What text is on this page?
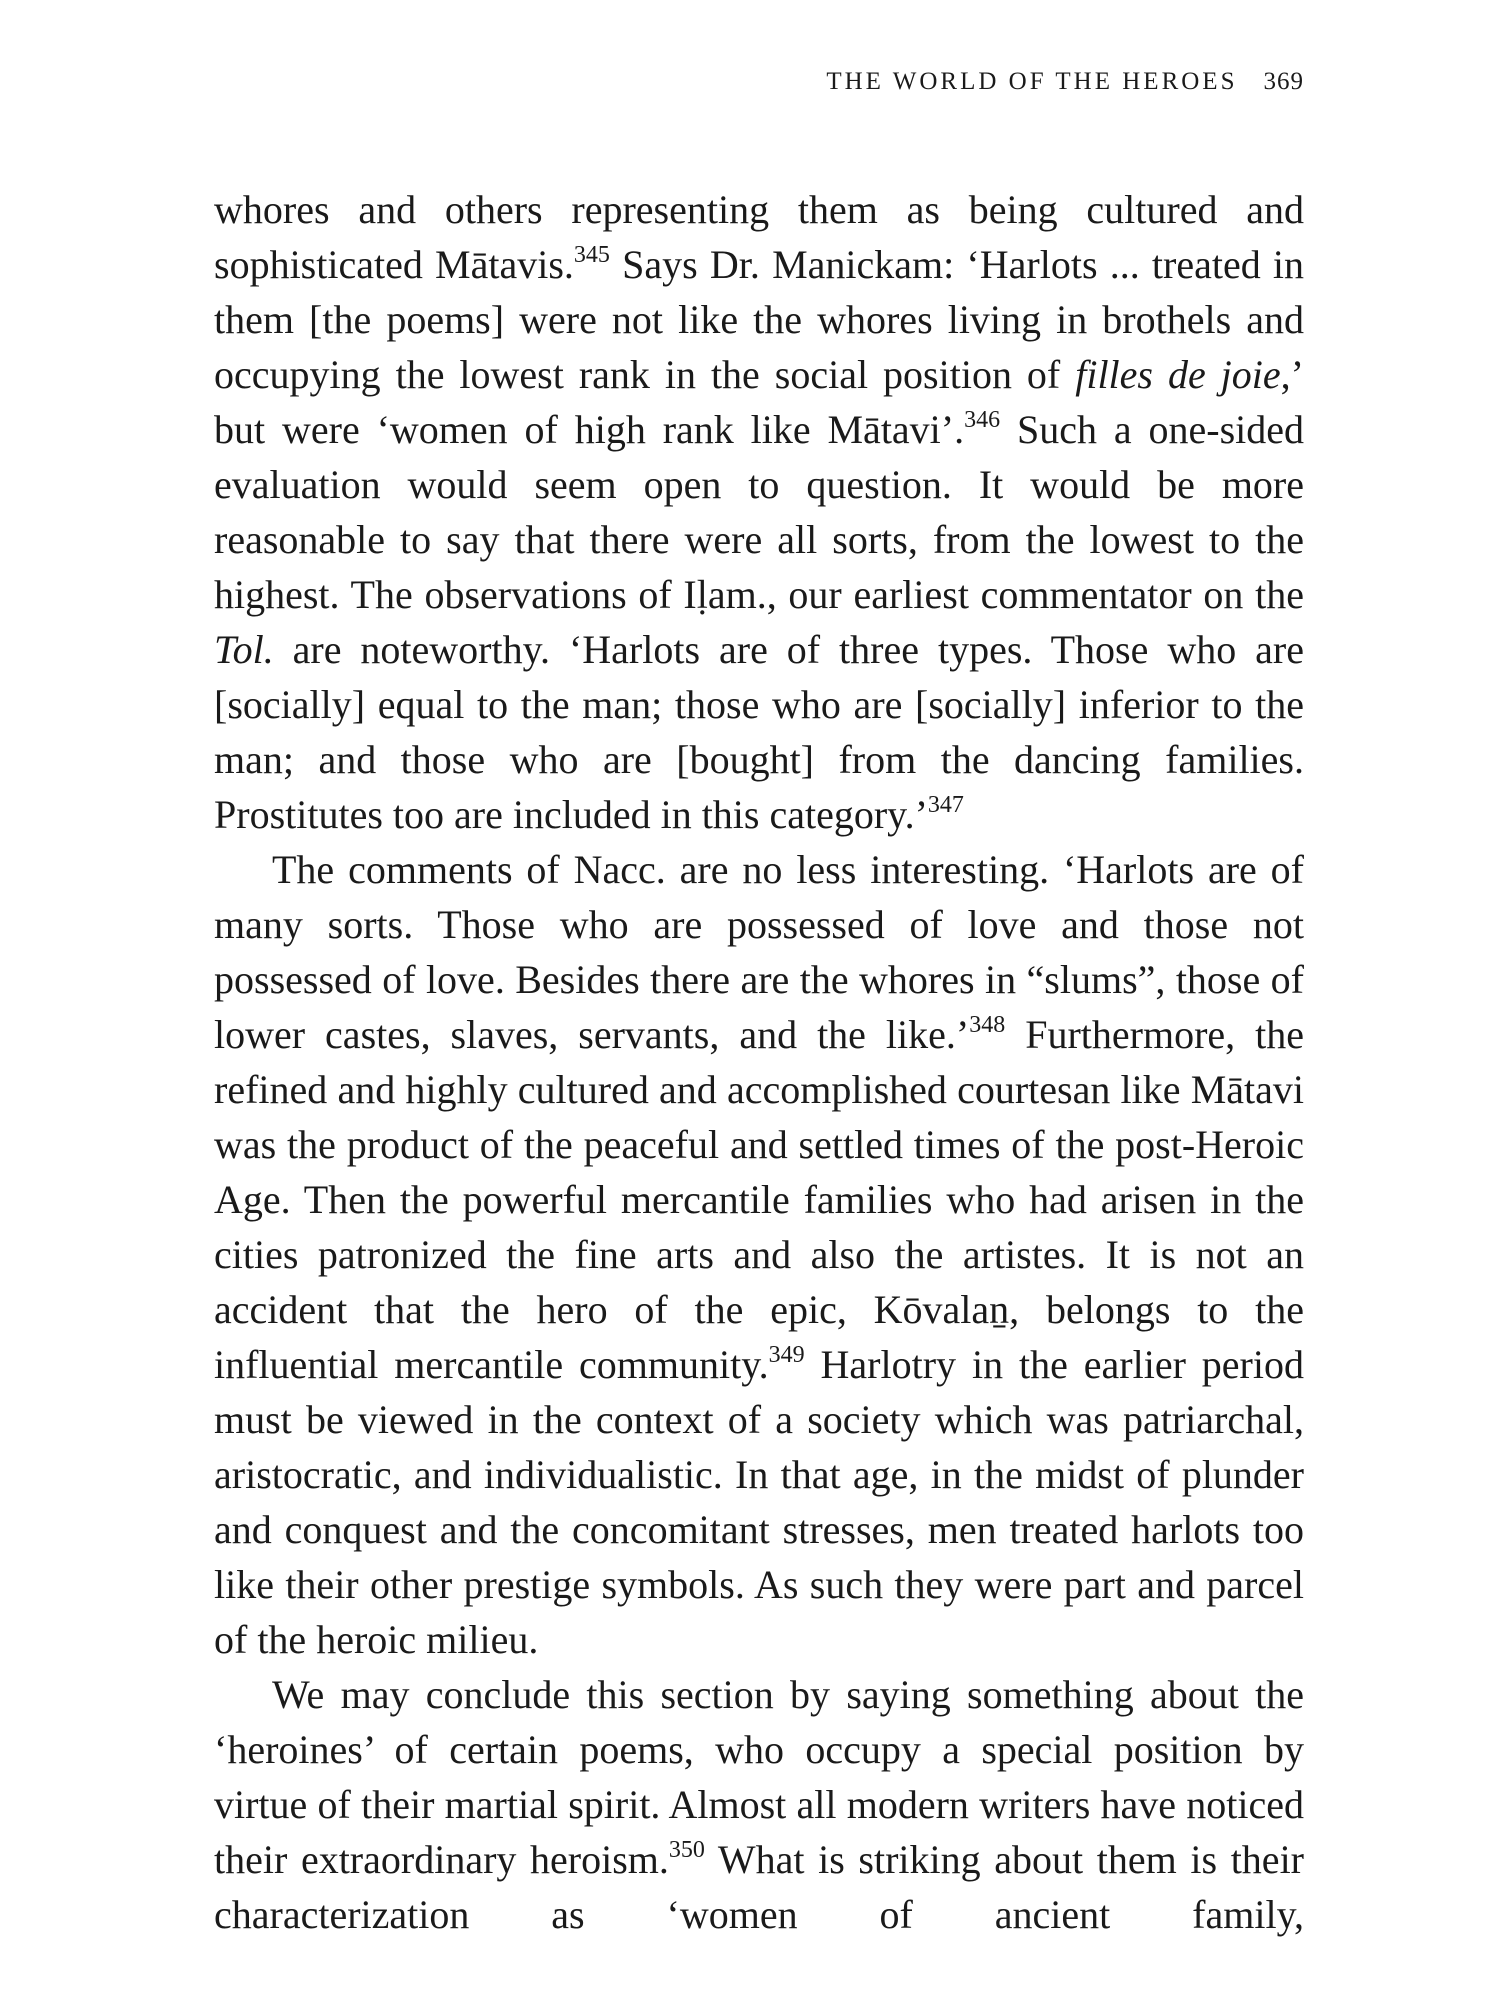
THE WORLD OF THE HEROES 369

whores and others representing them as being cultured and sophisticated Mātavis.$^{345}$ Says Dr. Manickam: ‘Harlots ... treated in them [the poems] were not like the whores living in brothels and occupying the lowest rank in the social position of filles de joie,’ but were ‘women of high rank like Mātavi’.$^{346}$ Such a one-sided evaluation would seem open to question. It would be more reasonable to say that there were all sorts, from the lowest to the highest. The observations of Iḷam., our earliest commentator on the Tol. are noteworthy. ‘Harlots are of three types. Those who are [socially] equal to the man; those who are [socially] inferior to the man; and those who are [bought] from the dancing families. Prostitutes too are included in this category.’$^{347}$

The comments of Nacc. are no less interesting. ‘Harlots are of many sorts. Those who are possessed of love and those not possessed of love. Besides there are the whores in “slums”, those of lower castes, slaves, servants, and the like.’$^{348}$ Furthermore, the refined and highly cultured and accomplished courtesan like Mātavi was the product of the peaceful and settled times of the post-Heroic Age. Then the powerful mercantile families who had arisen in the cities patronized the fine arts and also the artistes. It is not an accident that the hero of the epic, Kōvalaṉ, belongs to the influential mercantile community.$^{349}$ Harlotry in the earlier period must be viewed in the context of a society which was patriarchal, aristocratic, and individualistic. In that age, in the midst of plunder and conquest and the concomitant stresses, men treated harlots too like their other prestige symbols. As such they were part and parcel of the heroic milieu.

We may conclude this section by saying something about the ‘heroines’ of certain poems, who occupy a special position by virtue of their martial spirit. Almost all modern writers have noticed their extraordinary heroism.$^{350}$ What is striking about them is their characterization as ‘women of ancient family,
